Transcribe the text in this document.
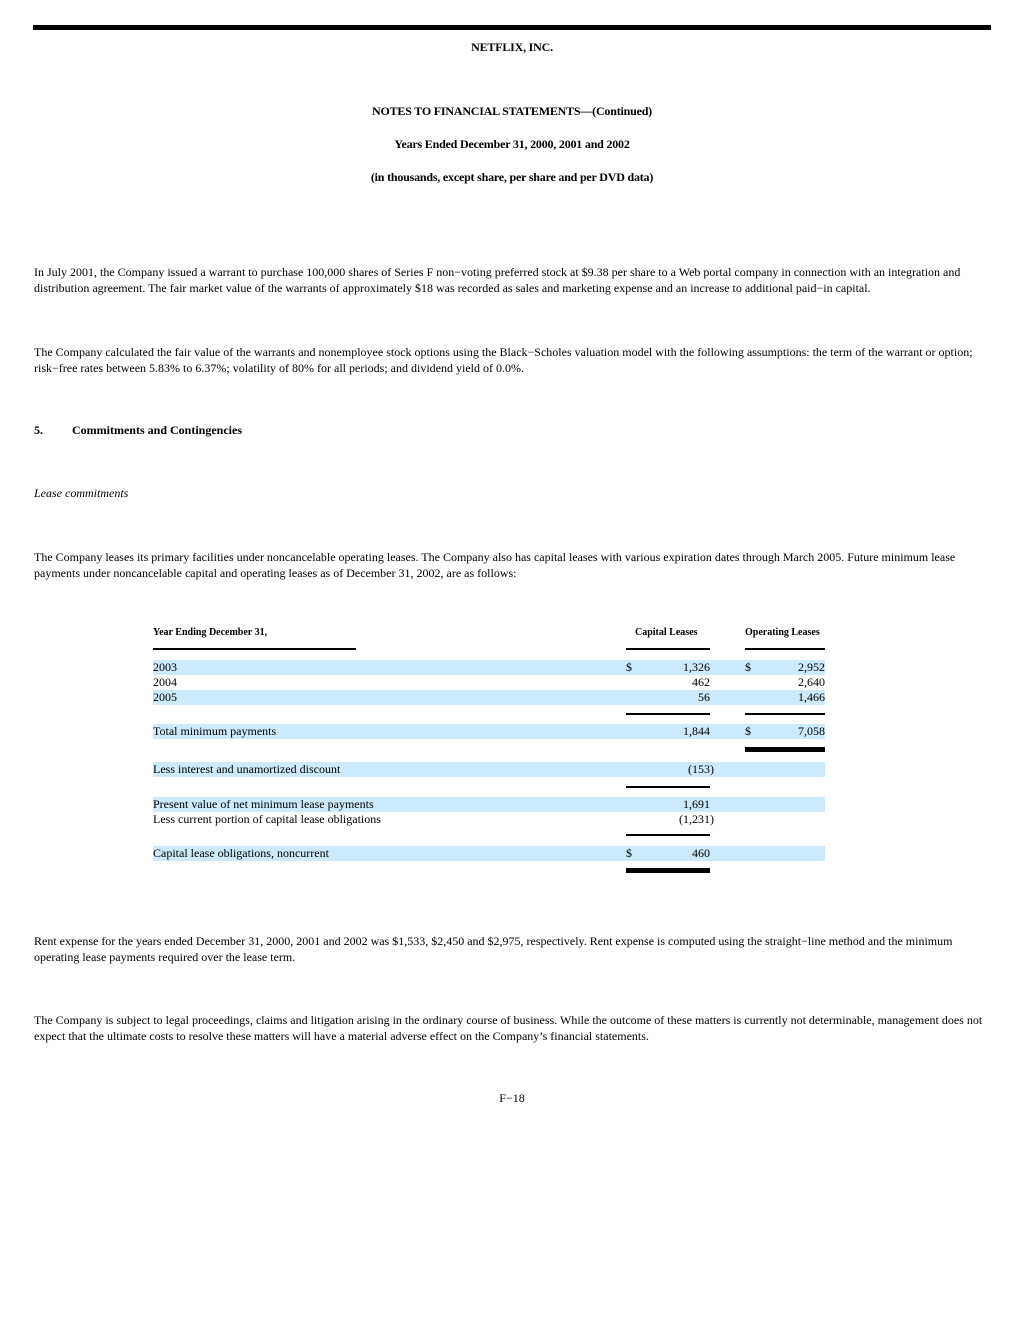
NETFLIX, INC.
NOTES TO FINANCIAL STATEMENTS—(Continued)
Years Ended December 31, 2000, 2001 and 2002
(in thousands, except share, per share and per DVD data)
In July 2001, the Company issued a warrant to purchase 100,000 shares of Series F non−voting preferred stock at $9.38 per share to a Web portal company in connection with an integration and distribution agreement. The fair market value of the warrants of approximately $18 was recorded as sales and marketing expense and an increase to additional paid−in capital.
The Company calculated the fair value of the warrants and nonemployee stock options using the Black−Scholes valuation model with the following assumptions: the term of the warrant or option; risk−free rates between 5.83% to 6.37%; volatility of 80% for all periods; and dividend yield of 0.0%.
5. Commitments and Contingencies
Lease commitments
The Company leases its primary facilities under noncancelable operating leases. The Company also has capital leases with various expiration dates through March 2005. Future minimum lease payments under noncancelable capital and operating leases as of December 31, 2002, are as follows:
Year Ending December 31,	Capital Leases	Operating Leases
2003	$	1,326	$	2,952
2004	462	2,640
2005	56	1,466
Total minimum payments	1,844	$	7,058
Less interest and unamortized discount	(153)
Present value of net minimum lease payments	1,691
Less current portion of capital lease obligations	(1,231)
Capital lease obligations, noncurrent	$	460
Rent expense for the years ended December 31, 2000, 2001 and 2002 was $1,533, $2,450 and $2,975, respectively. Rent expense is computed using the straight−line method and the minimum operating lease payments required over the lease term.
The Company is subject to legal proceedings, claims and litigation arising in the ordinary course of business. While the outcome of these matters is currently not determinable, management does not expect that the ultimate costs to resolve these matters will have a material adverse effect on the Company’s financial statements.
F−18
